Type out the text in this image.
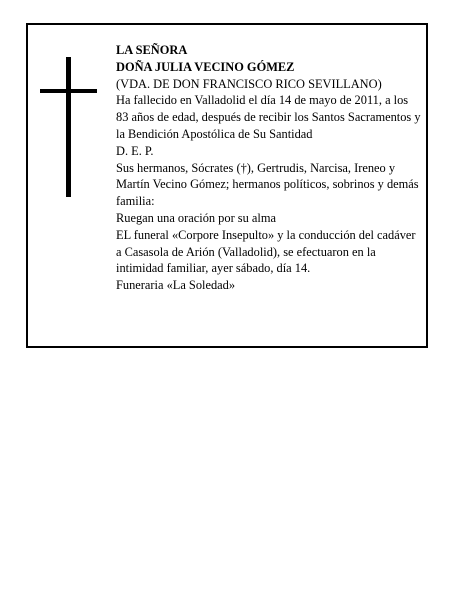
LA SEÑORA

DOÑA JULIA VECINO GÓMEZ

(VDA. DE DON FRANCISCO RICO SEVILLANO)

Ha fallecido en Valladolid el día 14 de mayo de 2011, a los 83 años de edad, después de recibir los Santos Sacramentos y la Bendición Apostólica de Su Santidad

D. E. P.

Sus hermanos, Sócrates (†), Gertrudis, Narcisa, Ireneo y Martín Vecino Gómez; hermanos políticos, sobrinos y demás familia:

Ruegan una oración por su alma

EL funeral «Corpore Insepulto» y la conducción del cadáver a Casasola de Arión (Valladolid), se efectuaron en la intimidad familiar, ayer sábado, día 14.

Funeraria «La Soledad»
